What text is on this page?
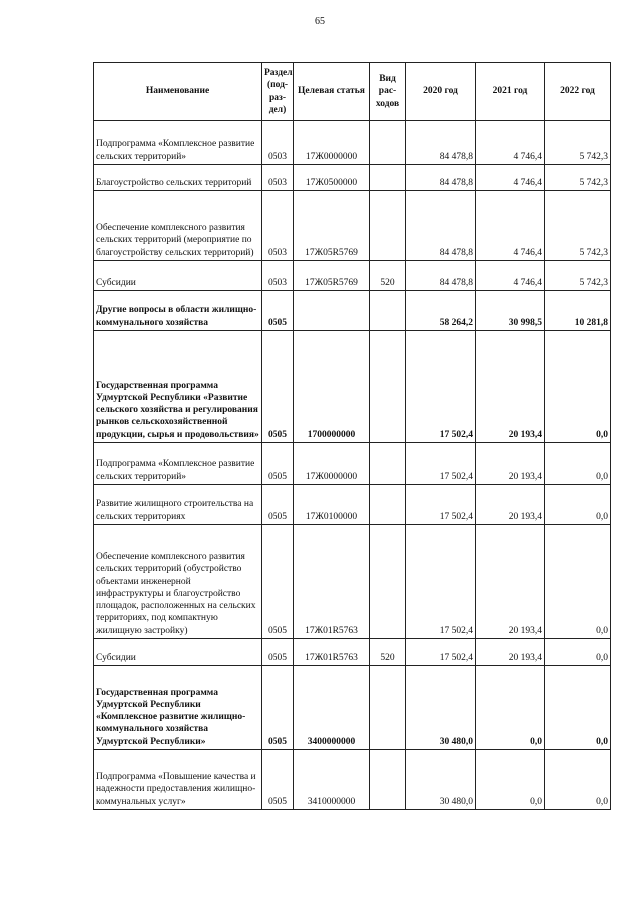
65
Наименование	Раздел (под-раз-дел)	Целевая статья	Вид рас-ходов	2020 год	2021 год	2022 год
Подпрограмма «Комплексное развитие сельских территорий»	0503	17Ж0000000		84 478,8	4 746,4	5 742,3
Благоустройство сельских территорий	0503	17Ж0500000		84 478,8	4 746,4	5 742,3
Обеспечение комплексного развития сельских территорий (мероприятие по благоустройству сельских территорий)	0503	17Ж05R5769		84 478,8	4 746,4	5 742,3
Субсидии	0503	17Ж05R5769	520	84 478,8	4 746,4	5 742,3
Другие вопросы в области жилищно-коммунального хозяйства	0505			58 264,2	30 998,5	10 281,8
Государственная программа Удмуртской Республики «Развитие сельского хозяйства и регулирования рынков сельскохозяйственной продукции, сырья и продовольствия»	0505	1700000000		17 502,4	20 193,4	0,0
Подпрограмма «Комплексное развитие сельских территорий»	0505	17Ж0000000		17 502,4	20 193,4	0,0
Развитие жилищного строительства на сельских территориях	0505	17Ж0100000		17 502,4	20 193,4	0,0
Обеспечение комплексного развития сельских территорий (обустройство объектами инженерной инфраструктуры и благоустройство площадок, расположенных на сельских территориях, под компактную жилищную застройку)	0505	17Ж01R5763		17 502,4	20 193,4	0,0
Субсидии	0505	17Ж01R5763	520	17 502,4	20 193,4	0,0
Государственная программа Удмуртской Республики «Комплексное развитие жилищно-коммунального хозяйства Удмуртской Республики»	0505	3400000000		30 480,0	0,0	0,0
Подпрограмма «Повышение качества и надежности предоставления жилищно-коммунальных услуг»	0505	3410000000		30 480,0	0,0	0,0
